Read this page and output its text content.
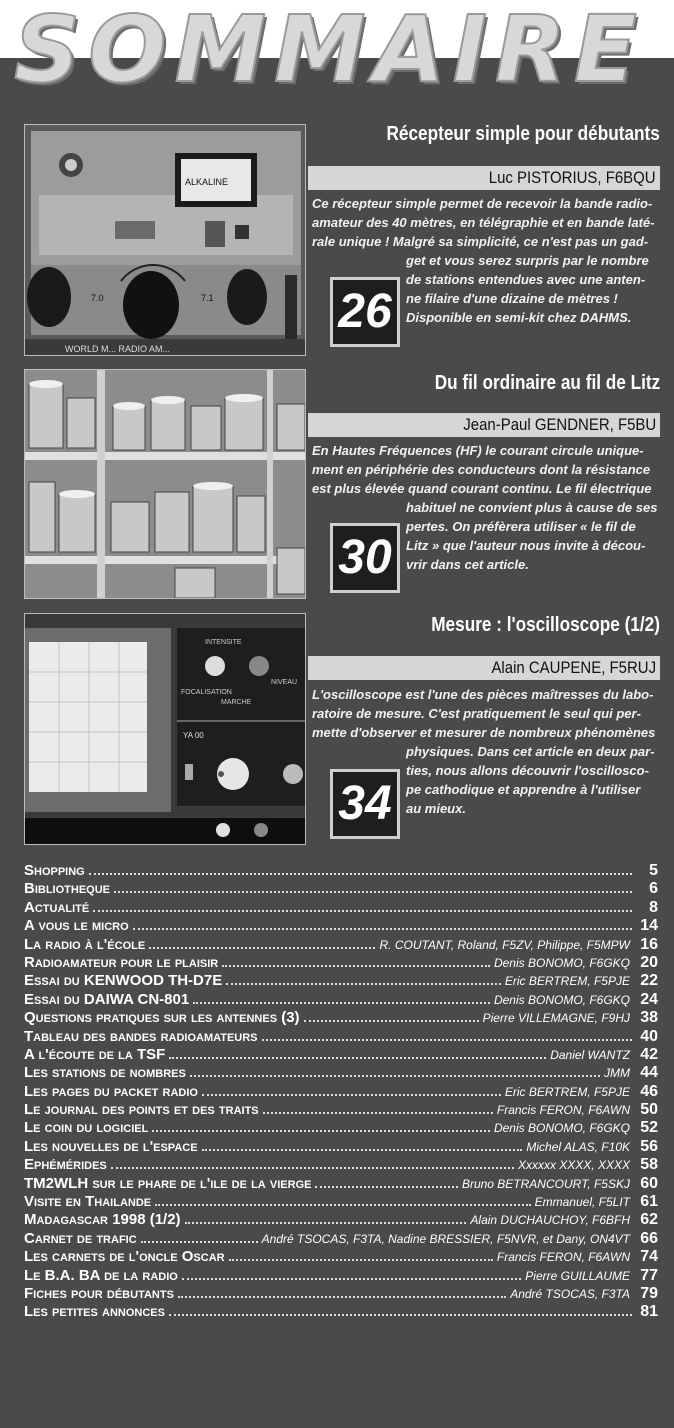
SOMMAIRE
ALKALINE
7.0	7.1
WORLD M... RADIO AM...
Récepteur simple pour débutants
Luc PISTORIUS, F6BQU
Ce récepteur simple permet de recevoir la bande radio-
amateur des 40 mètres, en télégraphie et en bande laté-
rale unique ! Malgré sa simplicité, ce n'est pas un gad-
get et vous serez surpris par le nombre
de stations entendues avec une anten-
ne filaire d'une dizaine de mètres !
Disponible en semi-kit chez DAHMS.
26
Du fil ordinaire au fil de Litz
Jean-Paul GENDNER, F5BU
En Hautes Fréquences (HF) le courant circule unique-
ment en périphérie des conducteurs dont la résistance
est plus élevée quand courant continu. Le fil électrique
habituel ne convient plus à cause de ses
pertes. On préfèrera utiliser « le fil de
Litz » que l'auteur nous invite à décou-
vrir dans cet article.
30
INTENSITE
FOCALISATION
MARCHE
NIVEAU
YA 00
Mesure : l'oscilloscope (1/2)
Alain CAUPENE, F5RUJ
L'oscilloscope est l'une des pièces maîtresses du labo-
ratoire de mesure. C'est pratiquement le seul qui per-
mette d'observer et mesurer de nombreux phénomènes
physiques. Dans cet article en deux par-
ties, nous allons découvrir l'oscillosco-
pe cathodique et apprendre à l'utiliser
au mieux.
34
Shopping	5
Bibliotheque	6
Actualité	8
A vous le micro	14
La radio à l'école	R. COUTANT, Roland, F5ZV, Philippe, F5MPW 16
Radioamateur pour le plaisir	Denis BONOMO, F6GKQ 20
Essai du KENWOOD TH-D7E	Eric BERTREM, F5PJE 22
Essai du DAIWA CN-801	Denis BONOMO, F6GKQ 24
Questions pratiques sur les antennes (3)	Pierre VILLEMAGNE, F9HJ 38
Tableau des bandes radioamateurs	40
A l'écoute de la TSF	Daniel WANTZ 42
Les stations de nombres	JMM 44
Les pages du packet radio	Eric BERTREM, F5PJE 46
Le journal des points et des traits	Francis FERON, F6AWN 50
Le coin du logiciel	Denis BONOMO, F6GKQ 52
Les nouvelles de l'espace	Michel ALAS, F10K 56
Ephémérides	Xxxxxx XXXX, XXXX 58
TM2WLH sur le phare de l'ile de la vierge	Bruno BETRANCOURT, F5SKJ 60
Visite en Thailande	Emmanuel, F5LIT 61
Madagascar 1998 (1/2)	Alain DUCHAUCHOY, F6BFH 62
Carnet de trafic	André TSOCAS, F3TA, Nadine BRESSIER, F5NVR, et Dany, ON4VT 66
Les carnets de l'oncle Oscar	Francis FERON, F6AWN 74
Le B.A. BA de la radio	Pierre GUILLAUME 77
Fiches pour débutants	André TSOCAS, F3TA 79
Les petites annonces	81
